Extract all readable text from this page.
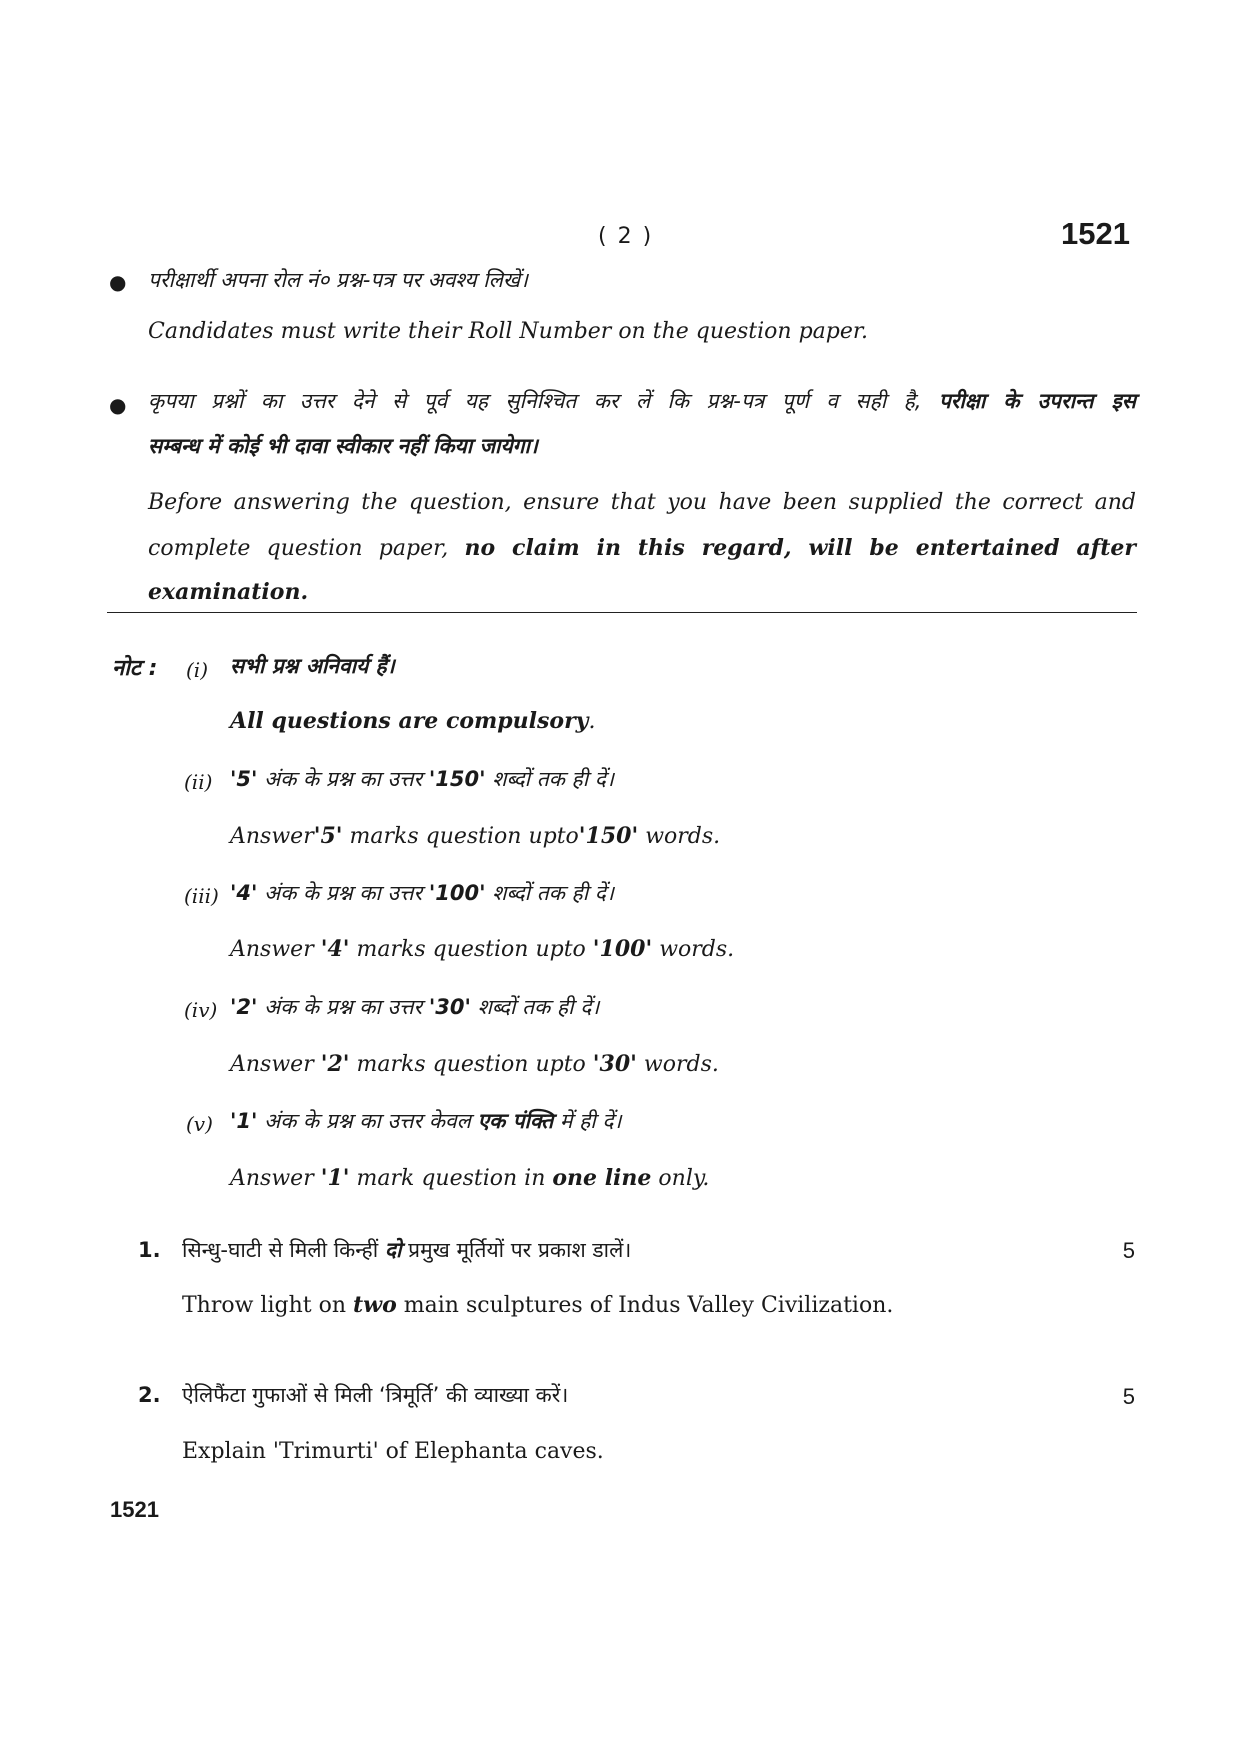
( 2 )	1521
● परीक्षार्थी अपना रोल नं० प्रश्न-पत्र पर अवश्य लिखें।
Candidates must write their Roll Number on the question paper.
● कृपया प्रश्नों का उत्तर देने से पूर्व यह सुनिश्चित कर लें कि प्रश्न-पत्र पूर्ण व सही है, परीक्षा के उपरान्त इस
सम्बन्ध में कोई भी दावा स्वीकार नहीं किया जायेगा।
Before answering the question, ensure that you have been supplied the correct and
complete question paper, no claim in this regard, will be entertained after
examination.
नोट : (i) सभी प्रश्न अनिवार्य हैं।
All questions are compulsory.
(ii) '5' अंक के प्रश्न का उत्तर '150' शब्दों तक ही दें।
Answer'5' marks question upto'150' words.
(iii) '4' अंक के प्रश्न का उत्तर '100' शब्दों तक ही दें।
Answer '4' marks question upto '100' words.
(iv) '2' अंक के प्रश्न का उत्तर '30' शब्दों तक ही दें।
Answer '2' marks question upto '30' words.
(v) '1' अंक के प्रश्न का उत्तर केवल एक पंक्ति में ही दें।
Answer '1' mark question in one line only.
1. सिन्धु-घाटी से मिली किन्हीं दो प्रमुख मूर्तियों पर प्रकाश डालें।	5
Throw light on two main sculptures of Indus Valley Civilization.
2. ऐलिफैंटा गुफाओं से मिली ‘त्रिमूर्ति’ की व्याख्या करें।	5
Explain 'Trimurti' of Elephanta caves.
1521
